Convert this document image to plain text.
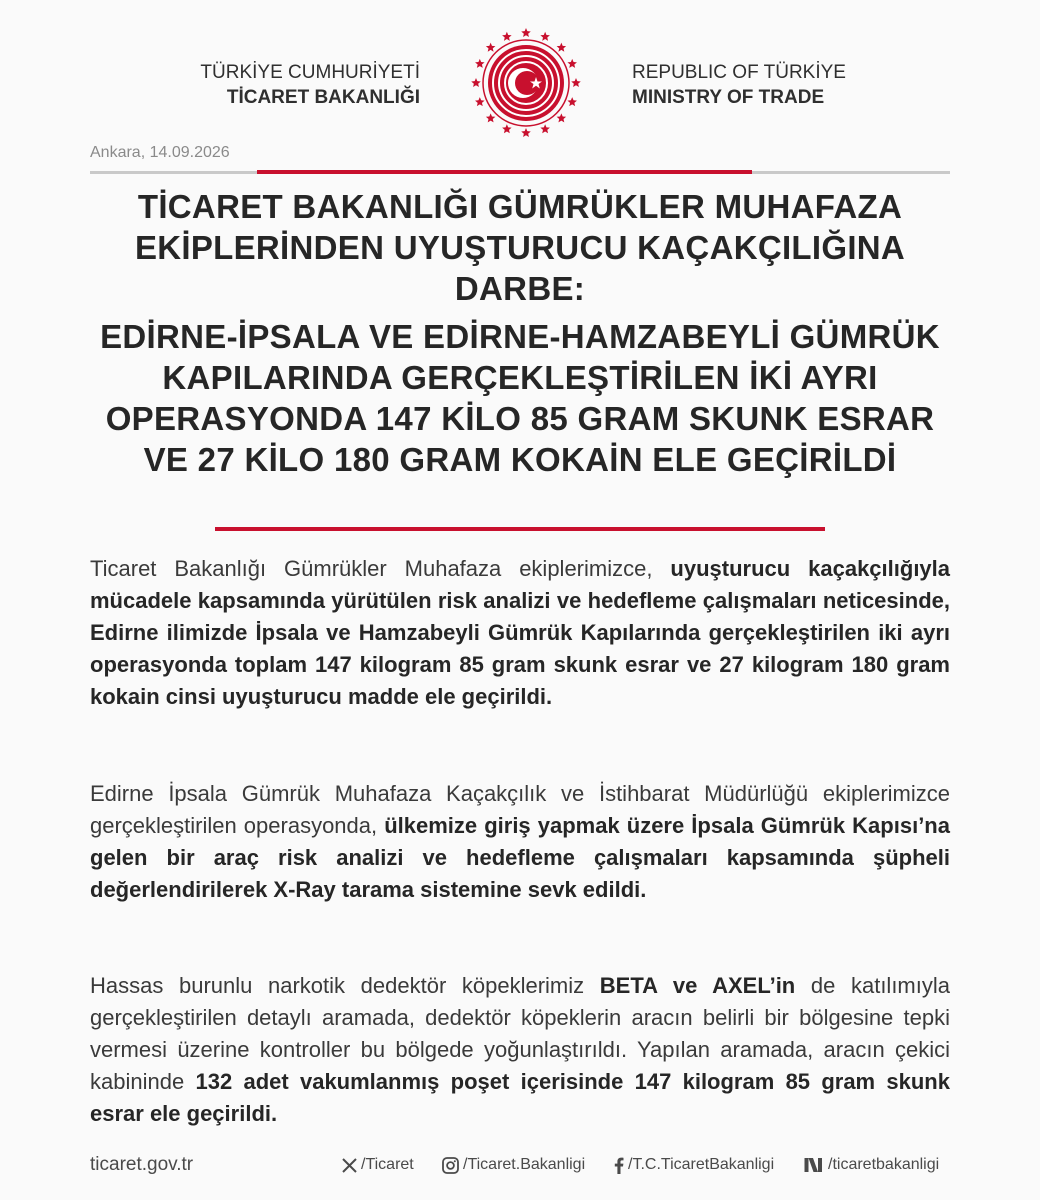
TÜRKİYE CUMHURİYETİ
TİCARET BAKANLIĞI
REPUBLIC OF TÜRKİYE
MINISTRY OF TRADE
Ankara, 14.09.2026
TİCARET BAKANLIĞI GÜMRÜKLER MUHAFAZA EKİPLERİNDEN UYUŞTURUCU KAÇAKÇILIĞINA DARBE:
EDİRNE-İPSALA VE EDİRNE-HAMZABEYLİ GÜMRÜK KAPILARINDA GERÇEKLEŞTİRİLEN İKİ AYRI OPERASYONDA 147 KİLO 85 GRAM SKUNK ESRAR VE 27 KİLO 180 GRAM KOKAİN ELE GEÇİRİLDİ
Ticaret Bakanlığı Gümrükler Muhafaza ekiplerimizce, uyuşturucu kaçakçılığıyla mücadele kapsamında yürütülen risk analizi ve hedefleme çalışmaları neticesinde, Edirne ilimizde İpsala ve Hamzabeyli Gümrük Kapılarında gerçekleştirilen iki ayrı operasyonda toplam 147 kilogram 85 gram skunk esrar ve 27 kilogram 180 gram kokain cinsi uyuşturucu madde ele geçirildi.
Edirne İpsala Gümrük Muhafaza Kaçakçılık ve İstihbarat Müdürlüğü ekiplerimizce gerçekleştirilen operasyonda, ülkemize giriş yapmak üzere İpsala Gümrük Kapısı’na gelen bir araç risk analizi ve hedefleme çalışmaları kapsamında şüpheli değerlendirilerek X-Ray tarama sistemine sevk edildi.
Hassas burunlu narkotik dedektör köpeklerimiz BETA ve AXEL’in de katılımıyla gerçekleştirilen detaylı aramada, dedektör köpeklerin aracın belirli bir bölgesine tepki vermesi üzerine kontroller bu bölgede yoğunlaştırıldı. Yapılan aramada, aracın çekici kabininde 132 adet vakumlanmış poşet içerisinde 147 kilogram 85 gram skunk esrar ele geçirildi.
ticaret.gov.tr	/Ticaret	/Ticaret.Bakanligi	/T.C.TicaretBakanligi	/ticaretbakanligi
